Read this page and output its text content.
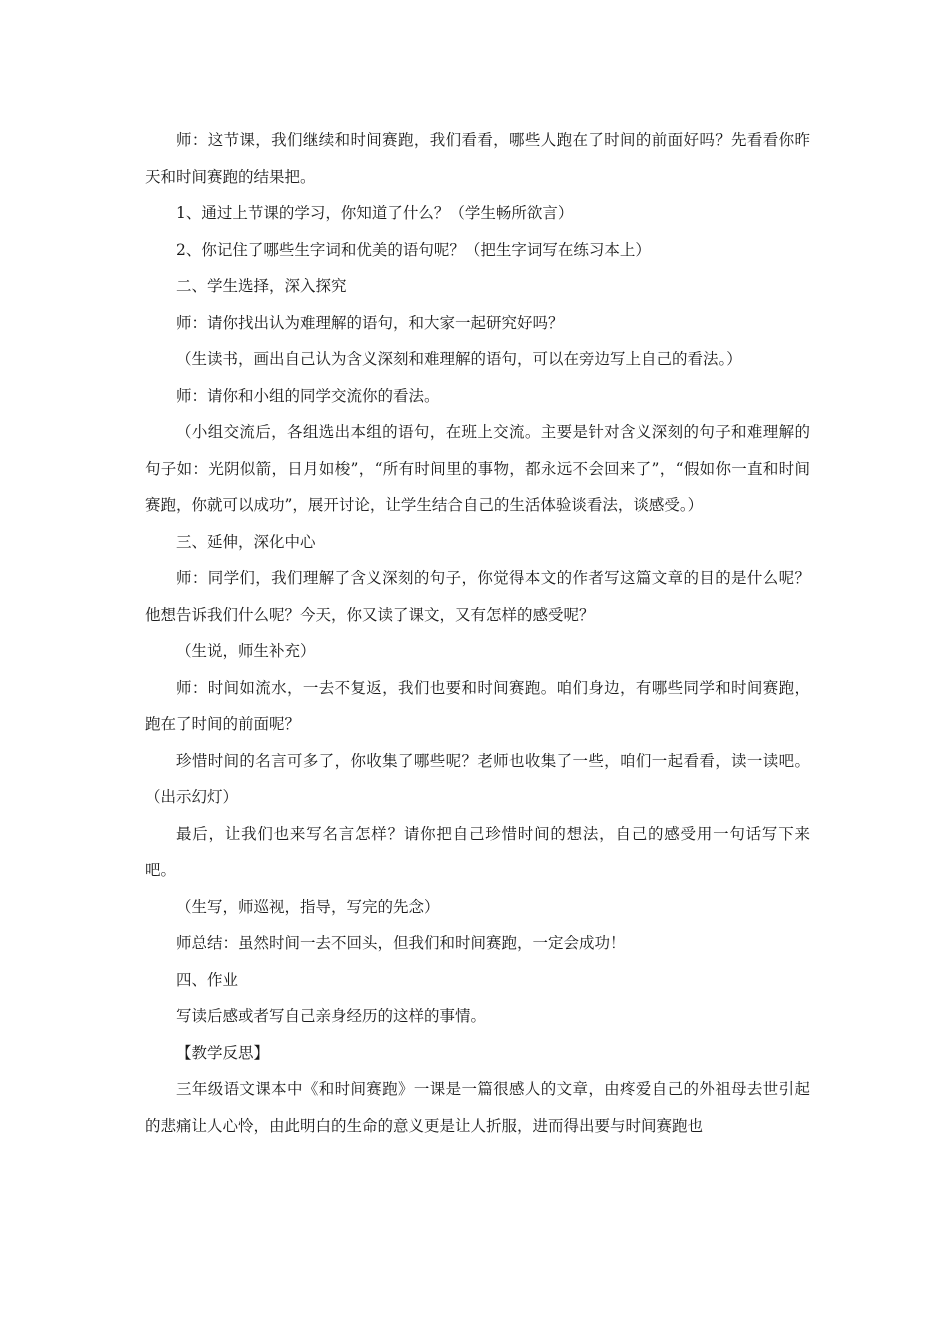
师：这节课，我们继续和时间赛跑，我们看看，哪些人跑在了时间的前面好吗？先看看你昨天和时间赛跑的结果把。

1、通过上节课的学习，你知道了什么？（学生畅所欲言）

2、你记住了哪些生字词和优美的语句呢？（把生字词写在练习本上）

二、学生选择，深入探究

师：请你找出认为难理解的语句，和大家一起研究好吗？

（生读书，画出自己认为含义深刻和难理解的语句，可以在旁边写上自己的看法。）

师：请你和小组的同学交流你的看法。

（小组交流后，各组选出本组的语句，在班上交流。主要是针对含义深刻的句子和难理解的句子如：光阴似箭，日月如梭”，“所有时间里的事物，都永远不会回来了”，“假如你一直和时间赛跑，你就可以成功”，展开讨论，让学生结合自己的生活体验谈看法，谈感受。）

三、延伸，深化中心

师：同学们，我们理解了含义深刻的句子，你觉得本文的作者写这篇文章的目的是什么呢？他想告诉我们什么呢？今天，你又读了课文，又有怎样的感受呢？

（生说，师生补充）

师：时间如流水，一去不复返，我们也要和时间赛跑。咱们身边，有哪些同学和时间赛跑，跑在了时间的前面呢？

珍惜时间的名言可多了，你收集了哪些呢？老师也收集了一些，咱们一起看看，读一读吧。（出示幻灯）

最后，让我们也来写名言怎样？请你把自己珍惜时间的想法，自己的感受用一句话写下来吧。

（生写，师巡视，指导，写完的先念）

师总结：虽然时间一去不回头，但我们和时间赛跑，一定会成功！

四、作业

写读后感或者写自己亲身经历的这样的事情。

【教学反思】

三年级语文课本中《和时间赛跑》一课是一篇很感人的文章，由疼爱自己的外祖母去世引起的悲痛让人心怜，由此明白的生命的意义更是让人折服，进而得出要与时间赛跑也
